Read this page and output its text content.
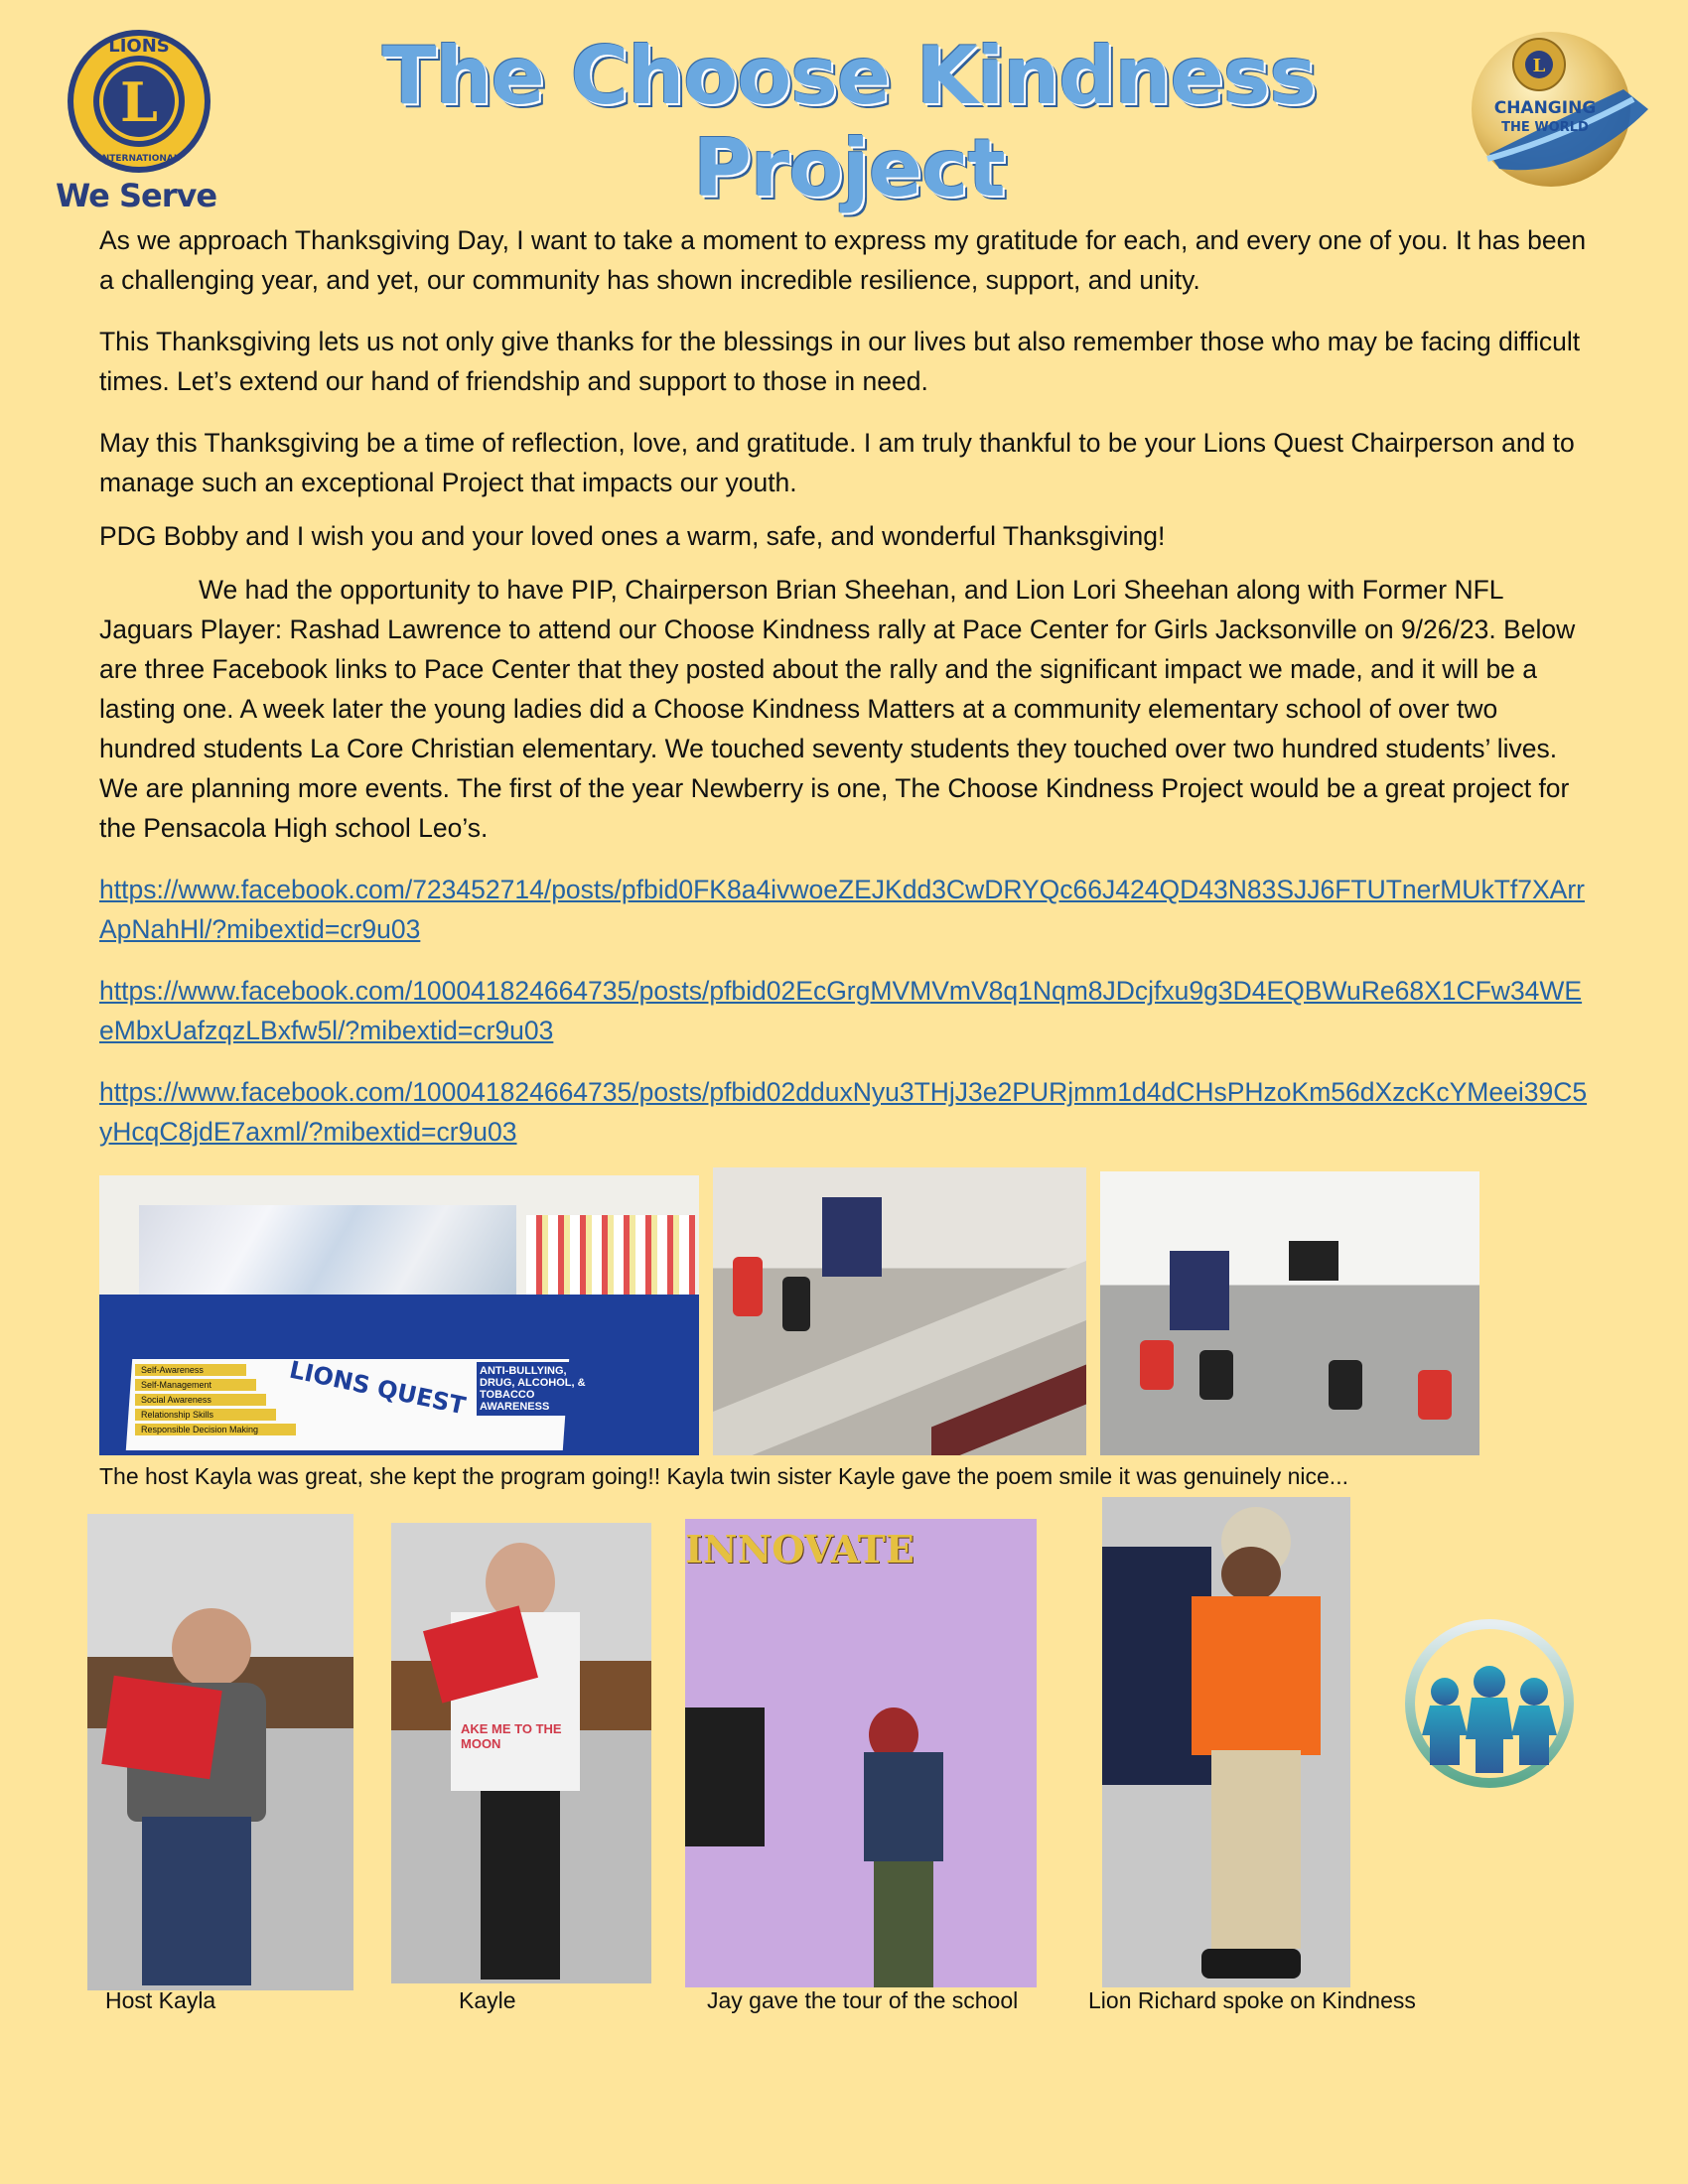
L
LIONS
INTERNATIONAL
We Serve
The Choose Kindness Project
L
CHANGING
THE WORLD

As we approach Thanksgiving Day, I want to take a moment to express my gratitude for each, and every one of you. It has been a challenging year, and yet, our community has shown incredible resilience, support, and unity.

This Thanksgiving lets us not only give thanks for the blessings in our lives but also remember those who may be facing difficult times. Let’s extend our hand of friendship and support to those in need.

May this Thanksgiving be a time of reflection, love, and gratitude. I am truly thankful to be your Lions Quest Chairperson and to manage such an exceptional Project that impacts our youth.

PDG Bobby and I wish you and your loved ones a warm, safe, and wonderful Thanksgiving!

We had the opportunity to have PIP, Chairperson Brian Sheehan, and Lion Lori Sheehan along with Former NFL Jaguars Player: Rashad Lawrence to attend our Choose Kindness rally at Pace Center for Girls Jacksonville on 9/26/23. Below are three Facebook links to Pace Center that they posted about the rally and the significant impact we made, and it will be a lasting one. A week later the young ladies did a Choose Kindness Matters at a community elementary school of over two hundred students La Core Christian elementary. We touched seventy students they touched over two hundred students’ lives. We are planning more events. The first of the year Newberry is one, The Choose Kindness Project would be a great project for the Pensacola High school Leo’s.

https://www.facebook.com/723452714/posts/pfbid0FK8a4ivwoeZEJKdd3CwDRYQc66J424QD43N83SJJ6FTUTnerMUkTf7XArrApNahHl/?mibextid=cr9u03
https://www.facebook.com/100041824664735/posts/pfbid02EcGrgMVMVmV8q1Nqm8JDcjfxu9g3D4EQBWuRe68X1CFw34WEeMbxUafzqzLBxfw5l/?mibextid=cr9u03
https://www.facebook.com/100041824664735/posts/pfbid02dduxNyu3THjJ3e2PURjmm1d4dCHsPHzoKm56dXzcKcYMeei39C5yHcqC8jdE7axml/?mibextid=cr9u03
LIONS QUEST ANTI-BULLYING, DRUG, ALCOHOL, & TOBACCO AWARENESS
Self-Awareness
Self-Management
Social Awareness
Relationship Skills
Responsible Decision Making
The host Kayla was great, she kept the program going!! Kayla twin sister Kayle gave the poem smile it was genuinely nice...
AKE ME TO THE MOON
INNOVATE
Host Kayla	Kayle	Jay gave the tour of the school	Lion Richard spoke on Kindness
